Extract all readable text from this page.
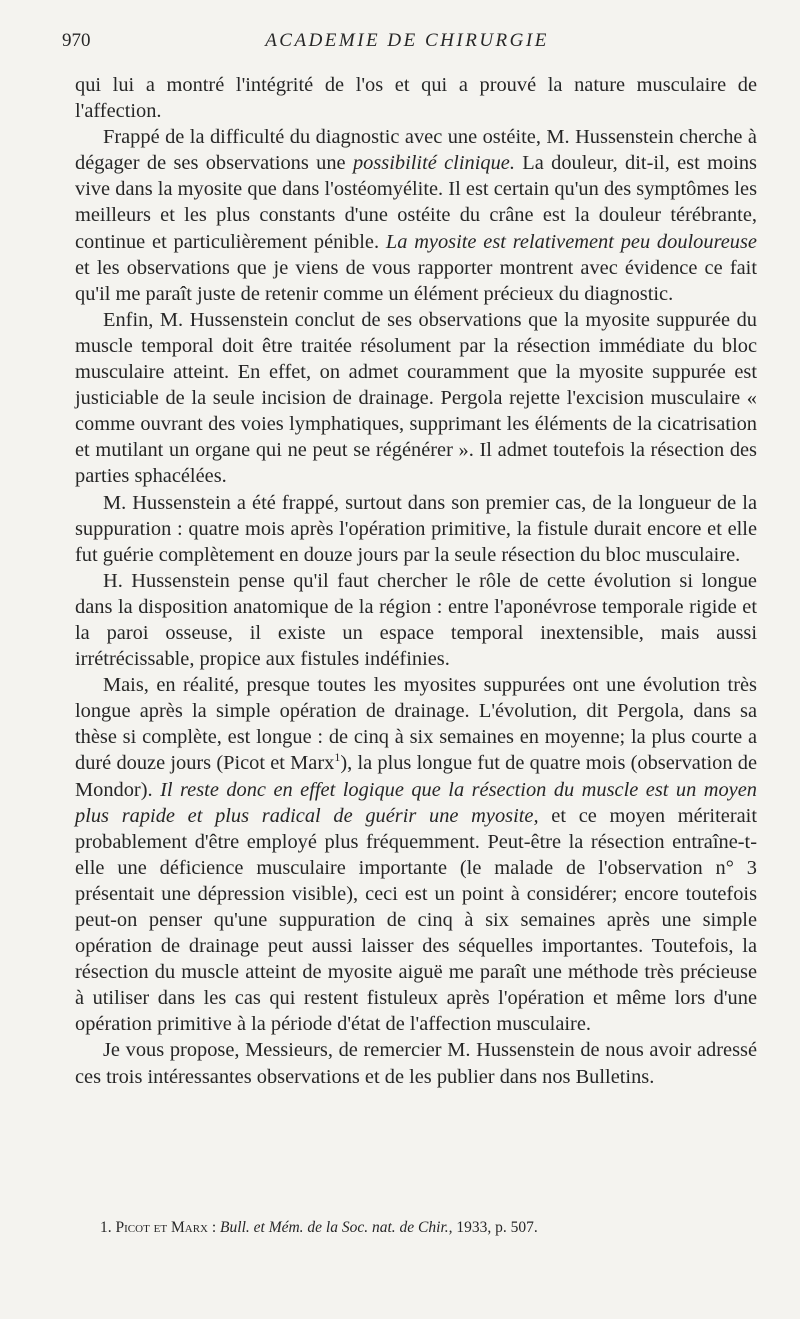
970	ACADEMIE DE CHIRURGIE

qui lui a montré l'intégrité de l'os et qui a prouvé la nature musculaire de l'affection.

Frappé de la difficulté du diagnostic avec une ostéite, M. Hussenstein cherche à dégager de ses observations une possibilité clinique. La douleur, dit-il, est moins vive dans la myosite que dans l'ostéomyélite. Il est certain qu'un des symptômes les meilleurs et les plus constants d'une ostéite du crâne est la douleur térébrante, continue et particulièrement pénible. La myosite est relativement peu douloureuse et les observations que je viens de vous rapporter montrent avec évidence ce fait qu'il me paraît juste de retenir comme un élément précieux du diagnostic.

Enfin, M. Hussenstein conclut de ses observations que la myosite suppurée du muscle temporal doit être traitée résolument par la résection immédiate du bloc musculaire atteint. En effet, on admet couramment que la myosite suppurée est justiciable de la seule incision de drainage. Pergola rejette l'excision musculaire « comme ouvrant des voies lymphatiques, supprimant les éléments de la cicatrisation et mutilant un organe qui ne peut se régénérer ». Il admet toutefois la résection des parties sphacélées.

M. Hussenstein a été frappé, surtout dans son premier cas, de la longueur de la suppuration : quatre mois après l'opération primitive, la fistule durait encore et elle fut guérie complètement en douze jours par la seule résection du bloc musculaire.

H. Hussenstein pense qu'il faut chercher le rôle de cette évolution si longue dans la disposition anatomique de la région : entre l'aponévrose temporale rigide et la paroi osseuse, il existe un espace temporal inextensible, mais aussi irrétrécissable, propice aux fistules indéfinies.

Mais, en réalité, presque toutes les myosites suppurées ont une évolution très longue après la simple opération de drainage. L'évolution, dit Pergola, dans sa thèse si complète, est longue : de cinq à six semaines en moyenne; la plus courte a duré douze jours (Picot et Marx$^1$), la plus longue fut de quatre mois (observation de Mondor). Il reste donc en effet logique que la résection du muscle est un moyen plus rapide et plus radical de guérir une myosite, et ce moyen mériterait probablement d'être employé plus fréquemment. Peut-être la résection entraîne-t-elle une déficience musculaire importante (le malade de l'observation n° 3 présentait une dépression visible), ceci est un point à considérer; encore toutefois peut-on penser qu'une suppuration de cinq à six semaines après une simple opération de drainage peut aussi laisser des séquelles importantes. Toutefois, la résection du muscle atteint de myosite aiguë me paraît une méthode très précieuse à utiliser dans les cas qui restent fistuleux après l'opération et même lors d'une opération primitive à la période d'état de l'affection musculaire.

Je vous propose, Messieurs, de remercier M. Hussenstein de nous avoir adressé ces trois intéressantes observations et de les publier dans nos Bulletins.

1. Picot et Marx : Bull. et Mém. de la Soc. nat. de Chir., 1933, p. 507.
